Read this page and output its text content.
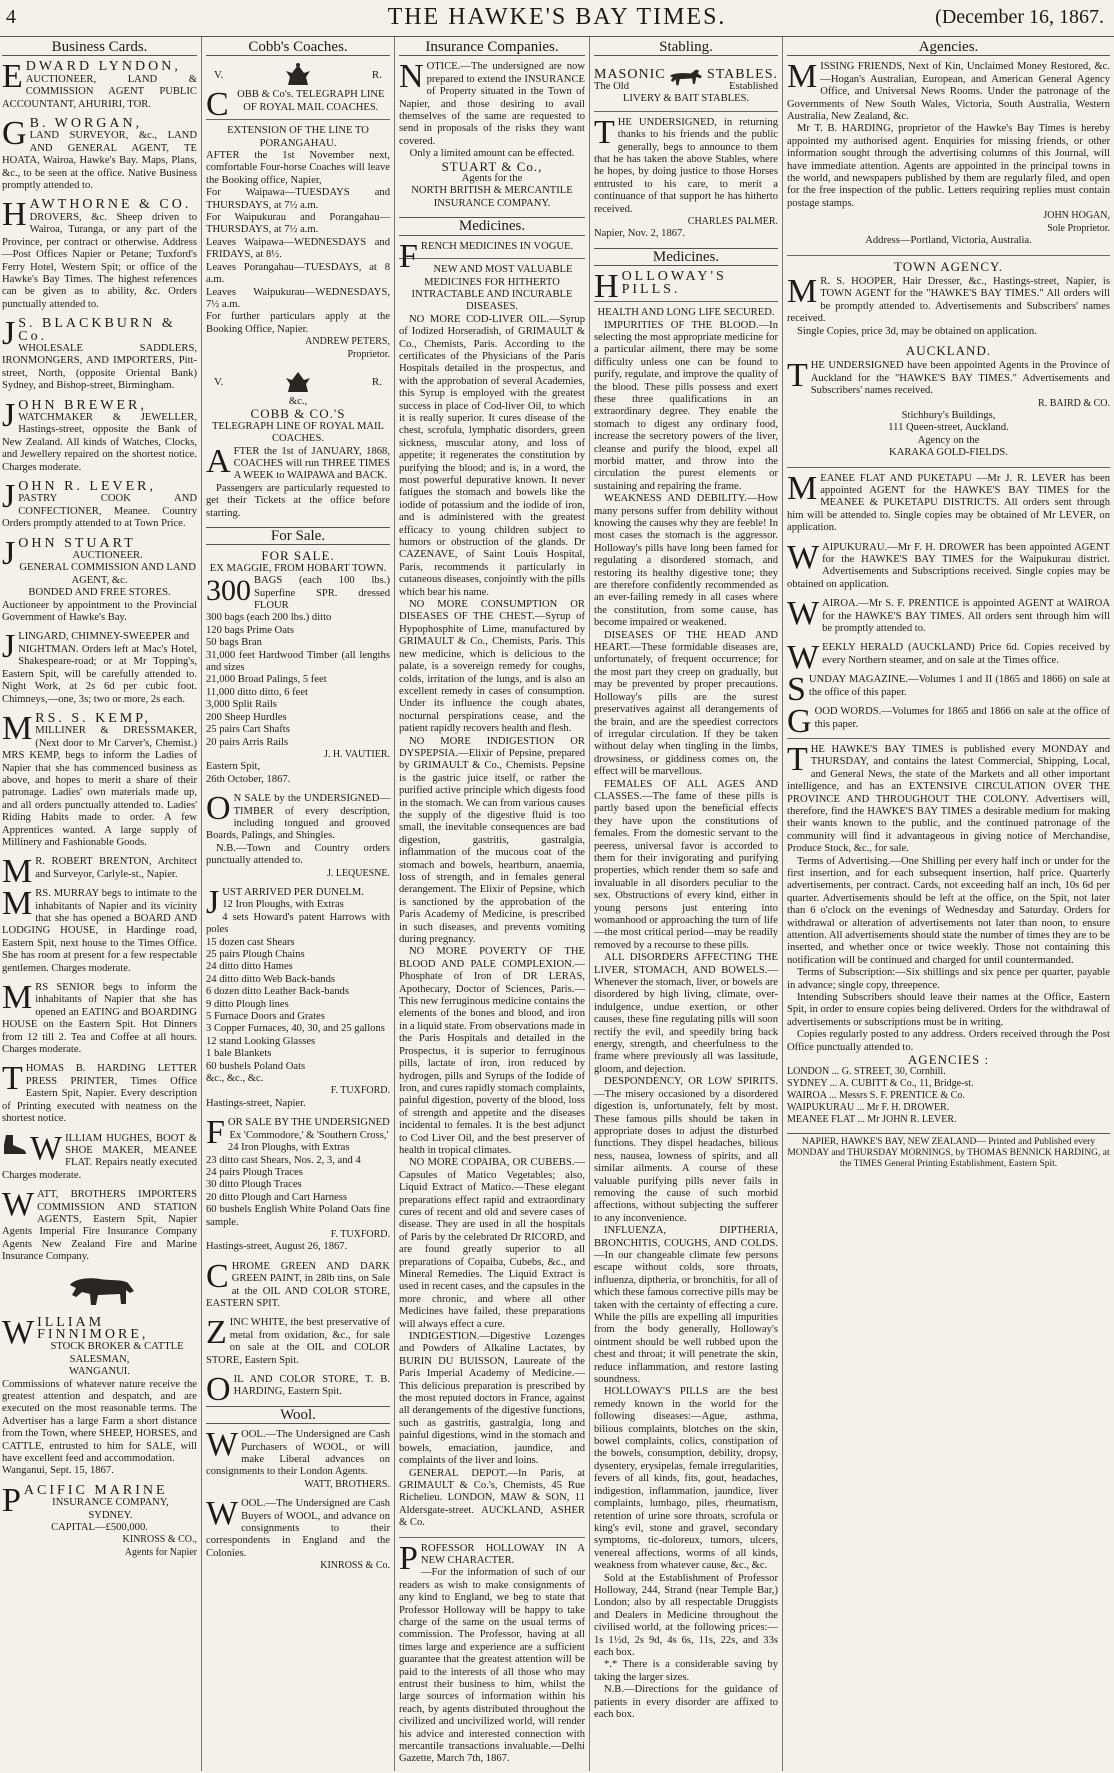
4	THE HAWKE'S BAY TIMES.	(December 16, 1867.
Business Cards.
E DWARD LYNDON,

AUCTIONEER, LAND & COMMISSION AGENT PUBLIC ACCOUNTANT, AHURIRI, TOR.

G B. WORGAN,

LAND SURVEYOR, &c., LAND AND GENERAL AGENT, TE HOATA, Wairoa, Hawke's Bay. Maps, Plans, &c., to be seen at the office. Native Business promptly attended to.

H AWTHORNE & CO.

DROVERS, &c. Sheep driven to Wairoa, Turanga, or any part of the Province, per contract or otherwise. Address —Post Offices Napier or Petane; Tuxford's Ferry Hotel, Western Spit; or office of the Hawke's Bay Times. The highest references can be given as to ability, &c. Orders punctually attended to.

J S. BLACKBURN & Co.

WHOLESALE SADDLERS, IRONMONGERS, AND IMPORTERS, Pitt-street, North, (opposite Oriental Bank) Sydney, and Bishop-street, Birmingham.

J OHN BREWER,

WATCHMAKER & JEWELLER, Hastings-street, opposite the Bank of New Zealand. All kinds of Watches, Clocks, and Jewellery repaired on the shortest notice. Charges moderate.

J OHN R. LEVER,

PASTRY COOK AND CONFECTIONER, Meanee. Country Orders promptly attended to at Town Price.

J OHN STUART

AUCTIONEER.

GENERAL COMMISSION AND LAND AGENT, &c.

BONDED AND FREE STORES.

Auctioneer by appointment to the Provincial Government of Hawke's Bay.

J LINGARD, CHIMNEY-SWEEPER and

NIGHTMAN. Orders left at Mac's Hotel, Shakespeare-road; or at Mr Topping's, Eastern Spit, will be carefully attended to. Night Work, at 2s 6d per cubic foot. Chimneys,—one, 3s; two or more, 2s each.

M RS. S. KEMP,

MILLINER & DRESSMAKER, (Next door to Mr Carver's, Chemist.) MRS KEMP, begs to inform the Ladies of Napier that she has commenced business as above, and hopes to merit a share of their patronage. Ladies' own materials made up, and all orders punctually attended to. Ladies' Riding Habits made to order. A few Apprentices wanted. A large supply of Millinery and Fashionable Goods.

M R. ROBERT BRENTON, Architect and Surveyor, Carlyle-st., Napier.

M RS. MURRAY begs to intimate to the inhabitants of Napier and its vicinity that she has opened a BOARD AND LODGING HOUSE, in Hardinge road, Eastern Spit, next house to the Times Office. She has room at present for a few respectable gentlemen. Charges moderate.

M RS SENIOR begs to inform the inhabitants of Napier that she has opened an EATING and BOARDING HOUSE on the Eastern Spit. Hot Dinners from 12 till 2. Tea and Coffee at all hours. Charges moderate.

T HOMAS B. HARDING LETTER PRESS PRINTER, Times Office Eastern Spit, Napier. Every description of Printing executed with neatness on the shortest notice.

W ILLIAM HUGHES, BOOT & SHOE MAKER, MEANEE FLAT. Repairs neatly executed Charges moderate.

W ATT, BROTHERS IMPORTERS COMMISSION AND STATION AGENTS, Eastern Spit, Napier Agents Imperial Fire Insurance Company Agents New Zealand Fire and Marine Insurance Company.

W ILLIAM FINNIMORE,

STOCK BROKER & CATTLE SALESMAN,

WANGANUI.

Commissions of whatever nature receive the greatest attention and despatch, and are executed on the most reasonable terms. The Advertiser has a large Farm a short distance from the Town, where SHEEP, HORSES, and CATTLE, entrusted to him for SALE, will have excellent feed and accommodation.

Wanganui, Sept. 15, 1867.

P ACIFIC MARINE

INSURANCE COMPANY,

SYDNEY.

CAPITAL—£500,000.

KINROSS & CO.,

Agents for Napier

Cobb's Coaches.
V.	R.
C OBB & Co's. TELEGRAPH LINE OF ROYAL MAIL COACHES.

EXTENSION OF THE LINE TO PORANGAHAU.

AFTER the 1st November next, comfortable Four-horse Coaches will leave the Booking office, Napier,

For Waipawa—TUESDAYS and THURSDAYS, at 7½ a.m.

For Waipukurau and Porangahau—THURSDAYS, at 7½ a.m.

Leaves Waipawa—WEDNESDAYS and FRIDAYS, at 8½.

Leaves Porangahau—TUESDAYS, at 8 a.m.

Leaves Waipukurau—WEDNESDAYS, 7½ a.m.

For further particulars apply at the Booking Office, Napier.

ANDREW PETERS,

Proprietor.

V.	R.

&c.,

COBB & CO.'S

TELEGRAPH LINE OF ROYAL MAIL COACHES.

A FTER the 1st of JANUARY, 1868, COACHES will run THREE TIMES A WEEK to WAIPAWA and BACK.

Passengers are particularly requested to get their Tickets at the office before starting.

For Sale.

FOR SALE.

EX MAGGIE, FROM HOBART TOWN.

300 BAGS (each 100 lbs.) Superfine SPR. dressed FLOUR

300 bags (each 200 lbs.) ditto

120 bags Prime Oats

50 bags Bran

31,000 feet Hardwood Timber (all lengths and sizes

21,000 Broad Palings, 5 feet

11,000 ditto ditto, 6 feet

3,000 Split Rails

200 Sheep Hurdles

25 pairs Cart Shafts

20 pairs Arris Rails

J. H. VAUTIER.

Eastern Spit,

26th October, 1867.

O N SALE by the UNDERSIGNED— TIMBER of every description, including tongued and grooved Boards, Palings, and Shingles.

N.B.—Town and Country orders punctually attended to.

J. LEQUESNE.

J UST ARRIVED PER DUNELM.

12 Iron Ploughs, with Extras

4 sets Howard's patent Harrows with poles

15 dozen cast Shears

25 pairs Plough Chains

24 ditto ditto Hames

24 ditto ditto Web Back-bands

6 dozen ditto Leather Back-bands

9 ditto Plough lines

5 Furnace Doors and Grates

3 Copper Furnaces, 40, 30, and 25 gallons

12 stand Looking Glasses

1 bale Blankets

60 bushels Poland Oats

&c., &c., &c.

F. TUXFORD.

Hastings-street, Napier.

F OR SALE BY THE UNDERSIGNED

Ex 'Commodore,' & 'Southern Cross,'

24 Iron Ploughs, with Extras

23 ditto cast Shears, Nos. 2, 3, and 4

24 pairs Plough Traces

30 ditto Plough Traces

20 ditto Plough and Cart Harness

60 bushels English White Poland Oats fine sample.

F. TUXFORD.

Hastings-street, August 26, 1867.

C HROME GREEN AND DARK GREEN PAINT, in 28lb tins, on Sale at the OIL AND COLOR STORE, EASTERN SPIT.

Z INC WHITE, the best preservative of metal from oxidation, &c., for sale on sale at the OIL and COLOR STORE, Eastern Spit.

O IL AND COLOR STORE, T. B. HARDING, Eastern Spit.

Wool.
W OOL.—The Undersigned are Cash Purchasers of WOOL, or will make Liberal advances on consignments to their London Agents.

WATT, BROTHERS.

W OOL.—The Undersigned are Cash Buyers of WOOL, and advance on consignments to their correspondents in England and the Colonies.

KINROSS & Co.

Insurance Companies.
N OTICE.—The undersigned are now prepared to extend the INSURANCE of Property situated in the Town of Napier, and those desiring to avail themselves of the same are requested to send in proposals of the risks they want covered.

Only a limited amount can be effected.

STUART & Co.,

Agents for the

NORTH BRITISH & MERCANTILE INSURANCE COMPANY.

Medicines.
F RENCH MEDICINES IN VOGUE.

NEW AND MOST VALUABLE MEDICINES FOR HITHERTO INTRACTABLE AND INCURABLE DISEASES.

NO MORE COD-LIVER OIL.—Syrup of Iodized Horseradish, of GRIMAULT & Co., Chemists, Paris. According to the certificates of the Physicians of the Paris Hospitals detailed in the prospectus, and with the approbation of several Academies, this Syrup is employed with the greatest success in place of Cod-liver Oil, to which it is really superior. It cures disease of the chest, scrofula, lymphatic disorders, green sickness, muscular atony, and loss of appetite; it regenerates the constitution by purifying the blood; and is, in a word, the most powerful depurative known. It never fatigues the stomach and bowels like the iodide of potassium and the iodide of iron, and is administered with the greatest efficacy to young children subject to humors or obstruction of the glands. Dr CAZENAVE, of Saint Louis Hospital, Paris, recommends it particularly in cutaneous diseases, conjointly with the pills which bear his name.

NO MORE CONSUMPTION OR DISEASES OF THE CHEST.—Syrup of Hypophosphite of Lime, manufactured by GRIMAULT & Co., Chemists, Paris. This new medicine, which is delicious to the palate, is a sovereign remedy for coughs, colds, irritation of the lungs, and is also an excellent remedy in cases of consumption. Under its influence the cough abates, nocturnal perspirations cease, and the patient rapidly recovers health and flesh.

NO MORE INDIGESTION OR DYSPEPSIA.—Elixir of Pepsine, prepared by GRIMAULT & Co., Chemists. Pepsine is the gastric juice itself, or rather the purified active principle which digests food in the stomach. We can from various causes the supply of the digestive fluid is too small, the inevitable consequences are bad digestion, gastritis, gastralgia, inflammation of the mucous coat of the stomach and bowels, heartburn, anaemia, loss of strength, and in females general derangement. The Elixir of Pepsine, which is sanctioned by the approbation of the Paris Academy of Medicine, is prescribed in such diseases, and prevents vomiting during pregnancy.

NO MORE POVERTY OF THE BLOOD AND PALE COMPLEXION.—Phosphate of Iron of DR LERAS, Apothecary, Doctor of Sciences, Paris.—This new ferruginous medicine contains the elements of the bones and blood, and iron in a liquid state. From observations made in the Paris Hospitals and detailed in the Prospectus, it is superior to ferruginous pills, lactate of iron, iron reduced by hydrogen, pills and Syrups of the Iodide of Iron, and cures rapidly stomach complaints, painful digestion, poverty of the blood, loss of strength and appetite and the diseases incidental to females. It is the best adjunct to Cod Liver Oil, and the best preserver of health in tropical climates.

NO MORE COPAIBA, OR CUBEBS.—Capsules of Matico Vegetables; also, Liquid Extract of Matico.—These elegant preparations effect rapid and extraordinary cures of recent and old and severe cases of disease. They are used in all the hospitals of Paris by the celebrated Dr RICORD, and are found greatly superior to all preparations of Copaiba, Cubebs, &c., and Mineral Remedies. The Liquid Extract is used in recent cases, and the capsules in the more chronic, and where all other Medicines have failed, these preparations will always effect a cure.

INDIGESTION.—Digestive Lozenges and Powders of Alkaline Lactates, by BURIN DU BUISSON, Laureate of the Paris Imperial Academy of Medicine.—This delicious preparation is prescribed by the most reputed doctors in France, against all derangements of the digestive functions, such as gastritis, gastralgia, long and painful digestions, wind in the stomach and bowels, emaciation, jaundice, and complaints of the liver and loins.

GENERAL DEPOT.—In Paris, at GRIMAULT & Co.'s, Chemists, 45 Rue Richelieu. LONDON, MAW & SON, 11 Aldersgate-street. AUCKLAND, ASHER & Co.

P ROFESSOR HOLLOWAY IN A NEW CHARACTER.

—For the information of such of our readers as wish to make consignments of any kind to England, we beg to state that Professor Holloway will be happy to take charge of the same on the usual terms of commission. The Professor, having at all times large and experience are a sufficient guarantee that the greatest attention will be paid to the interests of all those who may entrust their business to him, whilst the large sources of information within his reach, by agents distributed throughout the civilized and uncivilized world, will render his advice and interested connection with mercantile transactions invaluable.—Delhi Gazette, March 7th, 1867.

Stabling.

MASONIC

The Old

STABLES.

Established

LIVERY & BAIT STABLES.

T HE UNDERSIGNED, in returning thanks to his friends and the public generally, begs to announce to them that he has taken the above Stables, where he hopes, by doing justice to those Horses entrusted to his care, to merit a continuance of that support he has hitherto received.

CHARLES PALMER.

Napier, Nov. 2, 1867.

Medicines.
H OLLOWAY'S PILLS.

HEALTH AND LONG LIFE SECURED.

IMPURITIES OF THE BLOOD.—In selecting the most appropriate medicine for a particular ailment, there may be some difficulty unless one can be found to purify, regulate, and improve the quality of the blood. These pills possess and exert these three qualifications in an extraordinary degree. They enable the stomach to digest any ordinary food, increase the secretory powers of the liver, cleanse and purify the blood, expel all morbid matter, and throw into the circulation the purest elements or sustaining and repairing the frame.

WEAKNESS AND DEBILITY.—How many persons suffer from debility without knowing the causes why they are feeble! In most cases the stomach is the aggressor. Holloway's pills have long been famed for regulating a disordered stomach, and restoring its healthy digestive tone; they are therefore confidently recommended as an ever-failing remedy in all cases where the constitution, from some cause, has become impaired or weakened.

DISEASES OF THE HEAD AND HEART.—These formidable diseases are, unfortunately, of frequent occurrence; for the most part they creep on gradually, but may be prevented by proper precautions. Holloway's pills are the surest preservatives against all derangements of the brain, and are the speediest correctors of irregular circulation. If they be taken without delay when tingling in the limbs, drowsiness, or giddiness comes on, the effect will be marvellous.

FEMALES OF ALL AGES AND CLASSES.—The fame of these pills is partly based upon the beneficial effects they have upon the constitutions of females. From the domestic servant to the peeress, universal favor is accorded to them for their invigorating and purifying properties, which render them so safe and invaluable in all disorders peculiar to the sex. Obstructions of every kind, either in young persons just entering into womanhood or approaching the turn of life—the most critical period—may be readily removed by a recourse to these pills.

ALL DISORDERS AFFECTING THE LIVER, STOMACH, AND BOWELS.—Whenever the stomach, liver, or bowels are disordered by high living, climate, over-indulgence, undue exertion, or other causes, these fine regulating pills will soon rectify the evil, and speedily bring back energy, strength, and cheerfulness to the frame where previously all was lassitude, gloom, and dejection.

DESPONDENCY, OR LOW SPIRITS.—The misery occasioned by a disordered digestion is, unfortunately, felt by most. These famous pills should be taken in appropriate doses to adjust the disturbed functions. They dispel headaches, bilious ness, nausea, lowness of spirits, and all similar ailments. A course of these valuable purifying pills never fails in removing the cause of such morbid affections, without subjecting the sufferer to any inconvenience.

INFLUENZA, DIPTHERIA, BRONCHITIS, COUGHS, AND COLDS.—In our changeable climate few persons escape without colds, sore throats, influenza, diptheria, or bronchitis, for all of which these famous corrective pills may be taken with the certainty of effecting a cure. While the pills are expelling all impurities from the body generally, Holloway's ointment should be well rubbed upon the chest and throat; it will penetrate the skin, reduce inflammation, and restore lasting soundness.

HOLLOWAY'S PILLS are the best remedy known in the world for the following diseases:—Ague, asthma, bilious complaints, blotches on the skin, bowel complaints, colics, constipation of the bowels, consumption, debility, dropsy, dysentery, erysipelas, female irregularities, fevers of all kinds, fits, gout, headaches, indigestion, inflammation, jaundice, liver complaints, lumbago, piles, rheumatism, retention of urine sore throats, scrofula or king's evil, stone and gravel, secondary symptoms, tic-doloreux, tumors, ulcers, venereal affections, worms of all kinds, weakness from whatever cause, &c., &c.

Sold at the Establishment of Professor Holloway, 244, Strand (near Temple Bar,) London; also by all respectable Druggists and Dealers in Medicine throughout the civilised world, at the following prices:—1s 1½d, 2s 9d, 4s 6s, 11s, 22s, and 33s each box.

*.* There is a considerable saving by taking the larger sizes.

N.B.—Directions for the guidance of patients in every disorder are affixed to each box.

Agencies.
M ISSING FRIENDS, Next of Kin, Unclaimed Money Restored, &c.—Hogan's Australian, European, and American General Agency Office, and Universal News Rooms. Under the patronage of the Governments of New South Wales, Victoria, South Australia, Western Australia, New Zealand, &c.

Mr T. B. HARDING, proprietor of the Hawke's Bay Times is hereby appointed my authorised agent. Enquiries for missing friends, or other information sought through the advertising columns of this Journal, will have immediate attention. Agents are appointed in the principal towns in the world, and newspapers published by them are regularly filed, and open for the free inspection of the public. Letters requiring replies must contain postage stamps.

JOHN HOGAN,

Sole Proprietor.

Address—Portland, Victoria, Australia.

TOWN AGENCY.

M R. S. HOOPER, Hair Dresser, &c., Hastings-street, Napier, is TOWN AGENT for the "HAWKE'S BAY TIMES." All orders will be promptly attended to. Advertisements and Subscribers' names received.

Single Copies, price 3d, may be obtained on application.

AUCKLAND.

T HE UNDERSIGNED have been appointed Agents in the Province of Auckland for the "HAWKE'S BAY TIMES." Advertisements and Subscribers' names received.

R. BAIRD & CO.

Stichbury's Buildings,

111 Queen-street, Auckland.

Agency on the

KARAKA GOLD-FIELDS.

M EANEE FLAT AND PUKETAPU —Mr J. R. LEVER has been appointed AGENT for the HAWKE'S BAY TIMES for the MEANEE & PUKETAPU DISTRICTS. All orders sent through him will be attended to. Single copies may be obtained of Mr LEVER, on application.

W AIPUKURAU.—Mr F. H. DROWER has been appointed AGENT for the HAWKE'S BAY TIMES for the Waipukurau district. Advertisements and Subscriptions received. Single copies may be obtained on application.

W AIROA.—Mr S. F. PRENTICE is appointed AGENT at WAIROA for the HAWKE'S BAY TIMES. All orders sent through him will be promptly attended to.

W EEKLY HERALD (AUCKLAND) Price 6d. Copies received by every Northern steamer, and on sale at the Times office.

S UNDAY MAGAZINE.—Volumes 1 and II (1865 and 1866) on sale at the office of this paper.

G OOD WORDS.—Volumes for 1865 and 1866 on sale at the office of this paper.

T HE HAWKE'S BAY TIMES is published every MONDAY and THURSDAY, and contains the latest Commercial, Shipping, Local, and General News, the state of the Markets and all other important intelligence, and has an EXTENSIVE CIRCULATION OVER THE PROVINCE AND THROUGHOUT THE COLONY. Advertisers will, therefore, find the HAWKE'S BAY TIMES a desirable medium for making their wants known to the public, and the continued patronage of the community will find it advantageous in giving notice of Merchandise, Produce Stock, &c., for sale.

Terms of Advertising.—One Shilling per every half inch or under for the first insertion, and for each subsequent insertion, half price. Quarterly advertisements, per contract. Cards, not exceeding half an inch, 10s 6d per quarter. Advertisements should be left at the office, on the Spit, not later than 6 o'clock on the evenings of Wednesday and Saturday. Orders for withdrawal or alteration of advertisements not later than noon, to ensure attention. All advertisements should state the number of times they are to be inserted, and whether once or twice weekly. Those not containing this notification will be continued and charged for until countermanded.

Terms of Subscription:—Six shillings and six pence per quarter, payable in advance; single copy, threepence.

Intending Subscribers should leave their names at the Office, Eastern Spit, in order to ensure copies being delivered. Orders for the withdrawal of advertisements or subscriptions must be in writing.

Copies regularly posted to any address. Orders received through the Post Office punctually attended to.

AGENCIES :

LONDON ... G. STREET, 30, Cornhill.

SYDNEY ... A. CUBITT & Co., 11, Bridge-st.

WAIROA ... Messrs S. F. PRENTICE & Co.

WAIPUKURAU ... Mr F. H. DROWER.

MEANEE FLAT ... Mr JOHN R. LEVER.

NAPIER, HAWKE'S BAY, NEW ZEALAND— Printed and Published every MONDAY and THURSDAY MORNINGS, by THOMAS BENNICK HARDING, at the TIMES General Printing Establishment, Eastern Spit.
